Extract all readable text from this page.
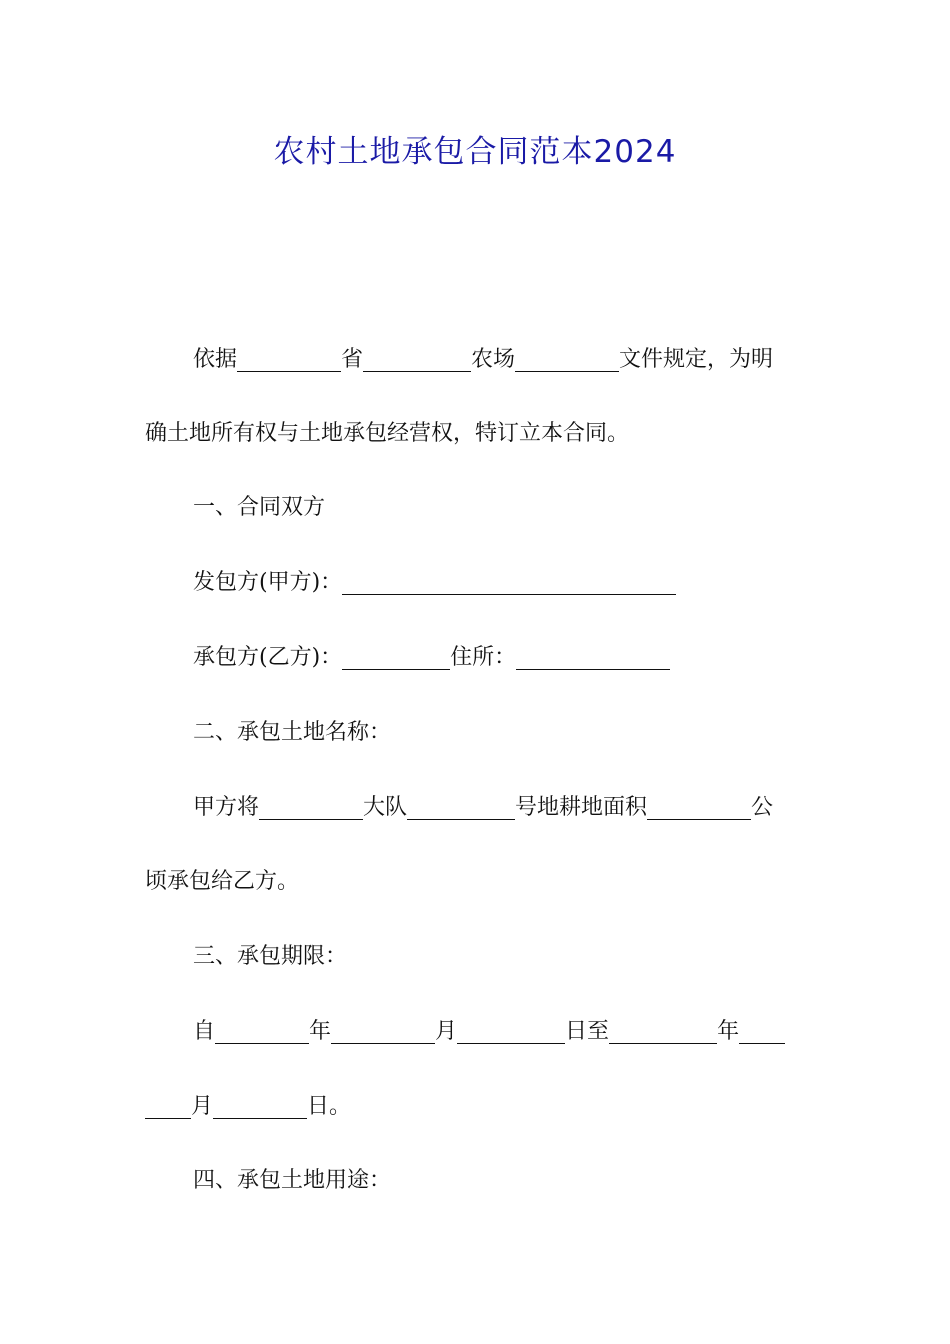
农村土地承包合同范本2024
依据	省	农场	文件规定，为明
确土地所有权与土地承包经营权，特订立本合同。
一、合同双方
发包方(甲方)：
承包方(乙方)：	住所：
二、承包土地名称：
甲方将	大队	号地耕地面积	公
顷承包给乙方。
三、承包期限：
自	年	月	日至	年
月	日。
四、承包土地用途：
